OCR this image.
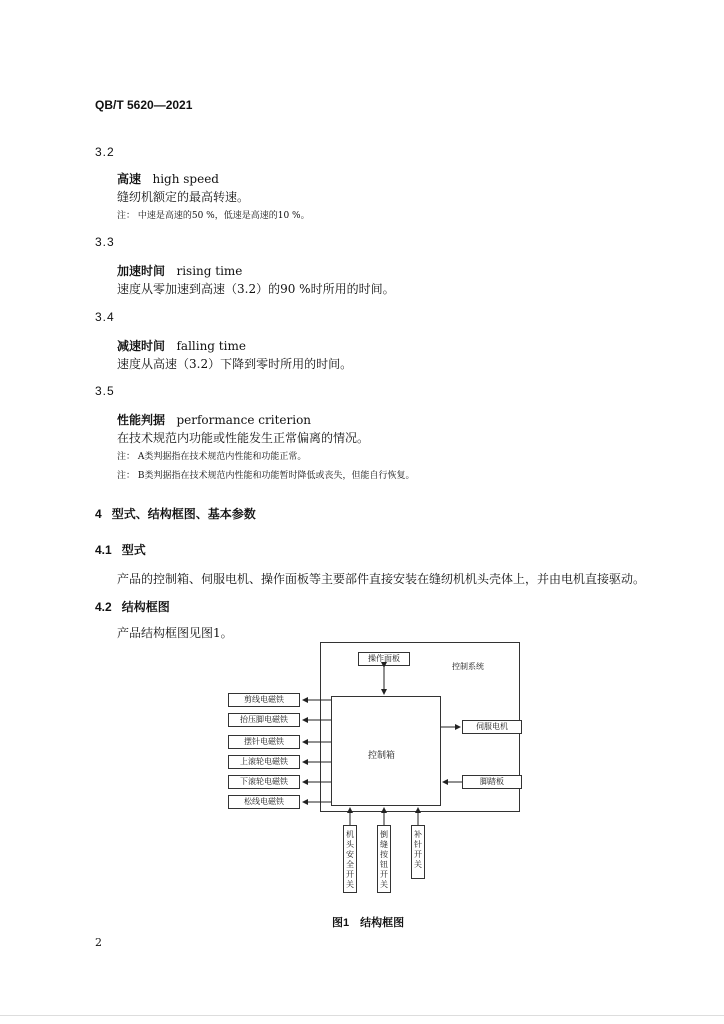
QB/T 5620—2021
3.2
高速 high speed
缝纫机额定的最高转速。
注： 中速是高速的50 %，低速是高速的10 %。
3.3
加速时间 rising time
速度从零加速到高速（3.2）的90 %时所用的时间。
3.4
减速时间 falling time
速度从高速（3.2）下降到零时所用的时间。
3.5
性能判据 performance criterion
在技术规范内功能或性能发生正常偏离的情况。
注： A类判据指在技术规范内性能和功能正常。
注： B类判据指在技术规范内性能和功能暂时降低或丧失，但能自行恢复。
4 型式、结构框图、基本参数
4.1 型式
产品的控制箱、伺服电机、操作面板等主要部件直接安装在缝纫机机头壳体上，并由电机直接驱动。
4.2 结构框图
产品结构框图见图1。
控制系统
操作面板
控制箱
伺服电机
脚踏板
剪线电磁铁
抬压脚电磁铁
摆针电磁铁
上滚轮电磁铁
下滚轮电磁铁
松线电磁铁
机
头
安
全
开
关
倒
缝
按
钮
开
关
补
针
开
关
图1　结构框图
2
